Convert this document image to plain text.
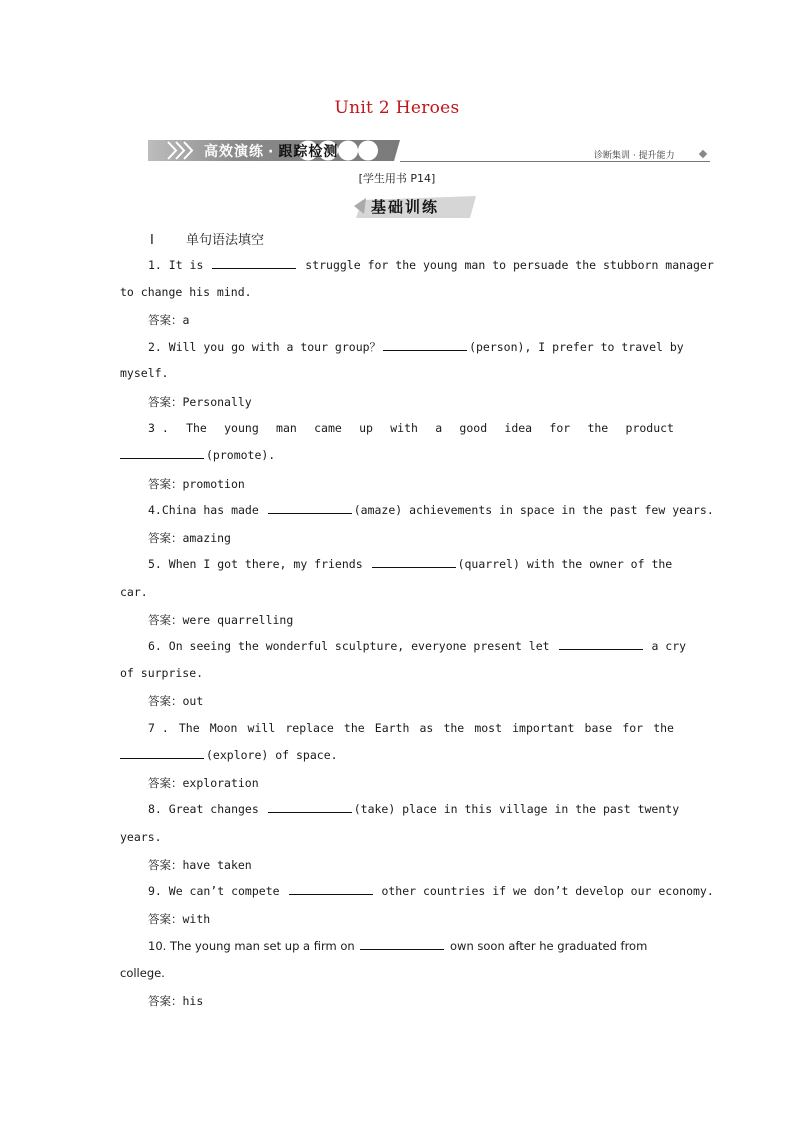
Unit 2 Heroes
高效演练 · 跟踪检测	诊断集训 · 提升能力
[学生用书 P14]
基础训练
Ⅰ 单句语法填空
1. It is	struggle for the young man to persuade the stubborn manager
to change his mind.
答案：a
2. Will you go with a tour group？	(person), I prefer to travel by
myself.
答案：Personally
3 . The young man came up with a good idea for the product
(promote).
答案：promotion
4.China has made	(amaze) achievements in space in the past few years.
答案：amazing
5. When I got there, my friends	(quarrel) with the owner of the
car.
答案：were quarrelling
6. On seeing the wonderful sculpture, everyone present let	a cry
of surprise.
答案：out
7 . The Moon will replace the Earth as the most important base for the
(explore) of space.
答案：exploration
8. Great changes	(take) place in this village in the past twenty
years.
答案：have taken
9. We can’t compete	other countries if we don’t develop our economy.
答案：with
10. The young man set up a firm on	own soon after he graduated from
college.
答案：his
